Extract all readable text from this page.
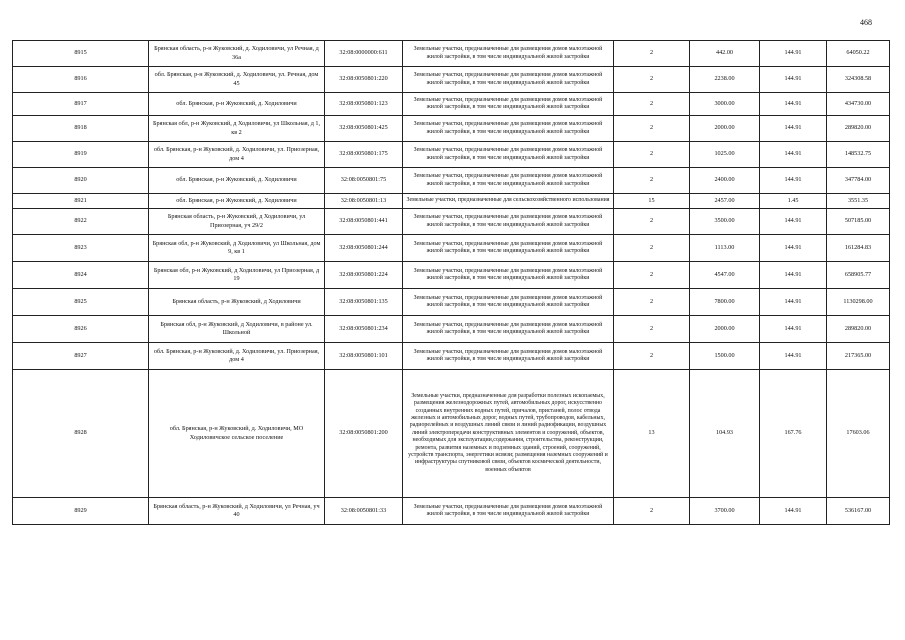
468
8915	Брянская область, р-н Жуковский, д. Ходиловичи, ул Речная, д 36а	32:08:0000000:611	Земельные участки, предназначенные для размещения домов малоэтажной жилой застройки, в том числе индивидуальной жилой застройки	2	442.00	144.91	64050.22
8916	обл. Брянская, р-н Жуковский, д. Ходиловичи, ул. Речная, дом 45	32:08:0050801:220	Земельные участки, предназначенные для размещения домов малоэтажной жилой застройки, в том числе индивидуальной жилой застройки	2	2238.00	144.91	324308.58
8917	обл. Брянская, р-н Жуковский, д. Ходиловичи	32:08:0050801:123	Земельные участки, предназначенные для размещения домов малоэтажной жилой застройки, в том числе индивидуальной жилой застройки	2	3000.00	144.91	434730.00
8918	Брянская обл, р-н Жуковский, д Ходиловичи, ул Школьная, д 1, кв 2	32:08:0050801:425	Земельные участки, предназначенные для размещения домов малоэтажной жилой застройки, в том числе индивидуальной жилой застройки	2	2000.00	144.91	289820.00
8919	обл. Брянская, р-н Жуковский, д. Ходиловичи, ул. Приозерная, дом 4	32:08:0050801:175	Земельные участки, предназначенные для размещения домов малоэтажной жилой застройки, в том числе индивидуальной жилой застройки	2	1025.00	144.91	148532.75
8920	обл. Брянская, р-н Жуковский, д. Ходиловичи	32:08:0050801:75	Земельные участки, предназначенные для размещения домов малоэтажной жилой застройки, в том числе индивидуальной жилой застройки	2	2400.00	144.91	347784.00
8921	обл. Брянская, р-н Жуковский, д. Ходиловичи	32:08:0050801:13	Земельные участки, предназначенные для сельскохозяйственного использования	15	2457.00	1.45	3551.35
8922	Брянская область, р-н Жуковский, д Ходиловичи, ул Приозерная, уч 29/2	32:08:0050801:441	Земельные участки, предназначенные для размещения домов малоэтажной жилой застройки, в том числе индивидуальной жилой застройки	2	3500.00	144.91	507185.00
8923	Брянская обл, р-н Жуковский, д Ходиловичи, ул Школьная, дом 9, кв 1	32:08:0050801:244	Земельные участки, предназначенные для размещения домов малоэтажной жилой застройки, в том числе индивидуальной жилой застройки	2	1113.00	144.91	161284.83
8924	Брянская обл, р-н Жуковский, д Ходиловичи, ул Приозерная, д 19	32:08:0050801:224	Земельные участки, предназначенные для размещения домов малоэтажной жилой застройки, в том числе индивидуальной жилой застройки	2	4547.00	144.91	658905.77
8925	Брянская область, р-н Жуковский, д Ходиловичи	32:08:0050801:135	Земельные участки, предназначенные для размещения домов малоэтажной жилой застройки, в том числе индивидуальной жилой застройки	2	7800.00	144.91	1130298.00
8926	Брянская обл, р-н Жуковский, д Ходиловичи, в районе ул. Школьной	32:08:0050801:234	Земельные участки, предназначенные для размещения домов малоэтажной жилой застройки, в том числе индивидуальной жилой застройки	2	2000.00	144.91	289820.00
8927	обл. Брянская, р-н Жуковский, д. Ходиловичи, ул. Приозерная, дом 4	32:08:0050801:101	Земельные участки, предназначенные для размещения домов малоэтажной жилой застройки, в том числе индивидуальной жилой застройки	2	1500.00	144.91	217365.00
8928	обл. Брянская, р-н Жуковский, д. Ходиловичи, МО Ходиловичское сельское поселение	32:08:0050801:200	Земельные участки, предназначенные для разработки полезных ископаемых, размещения железнодорожных путей, автомобильных дорог, искусственно созданных внутренних водных путей, причалов, пристаней, полос отвода железных и автомобильных дорог, водных путей, трубопроводов, кабельных, радиорелейных и воздушных линий связи и линий радиофикации, воздушных линий электропередачи конструктивных элементов и сооружений, объектов, необходимых для эксплуатации,содержания, строительства, реконструкции, ремонта, развития наземных и подземных зданий, строений, сооружений, устройств транспорта, энергетики исвязи; размещения наземных сооружений и инфраструктуры спутниковой связи, объектов космической деятельности, военных объектов	13	104.93	167.76	17603.06
8929	Брянская область, р-н Жуковский, д Ходиловичи, ул Речная, уч 40	32:08:0050801:33	Земельные участки, предназначенные для размещения домов малоэтажной жилой застройки, в том числе индивидуальной жилой застройки	2	3700.00	144.91	536167.00
